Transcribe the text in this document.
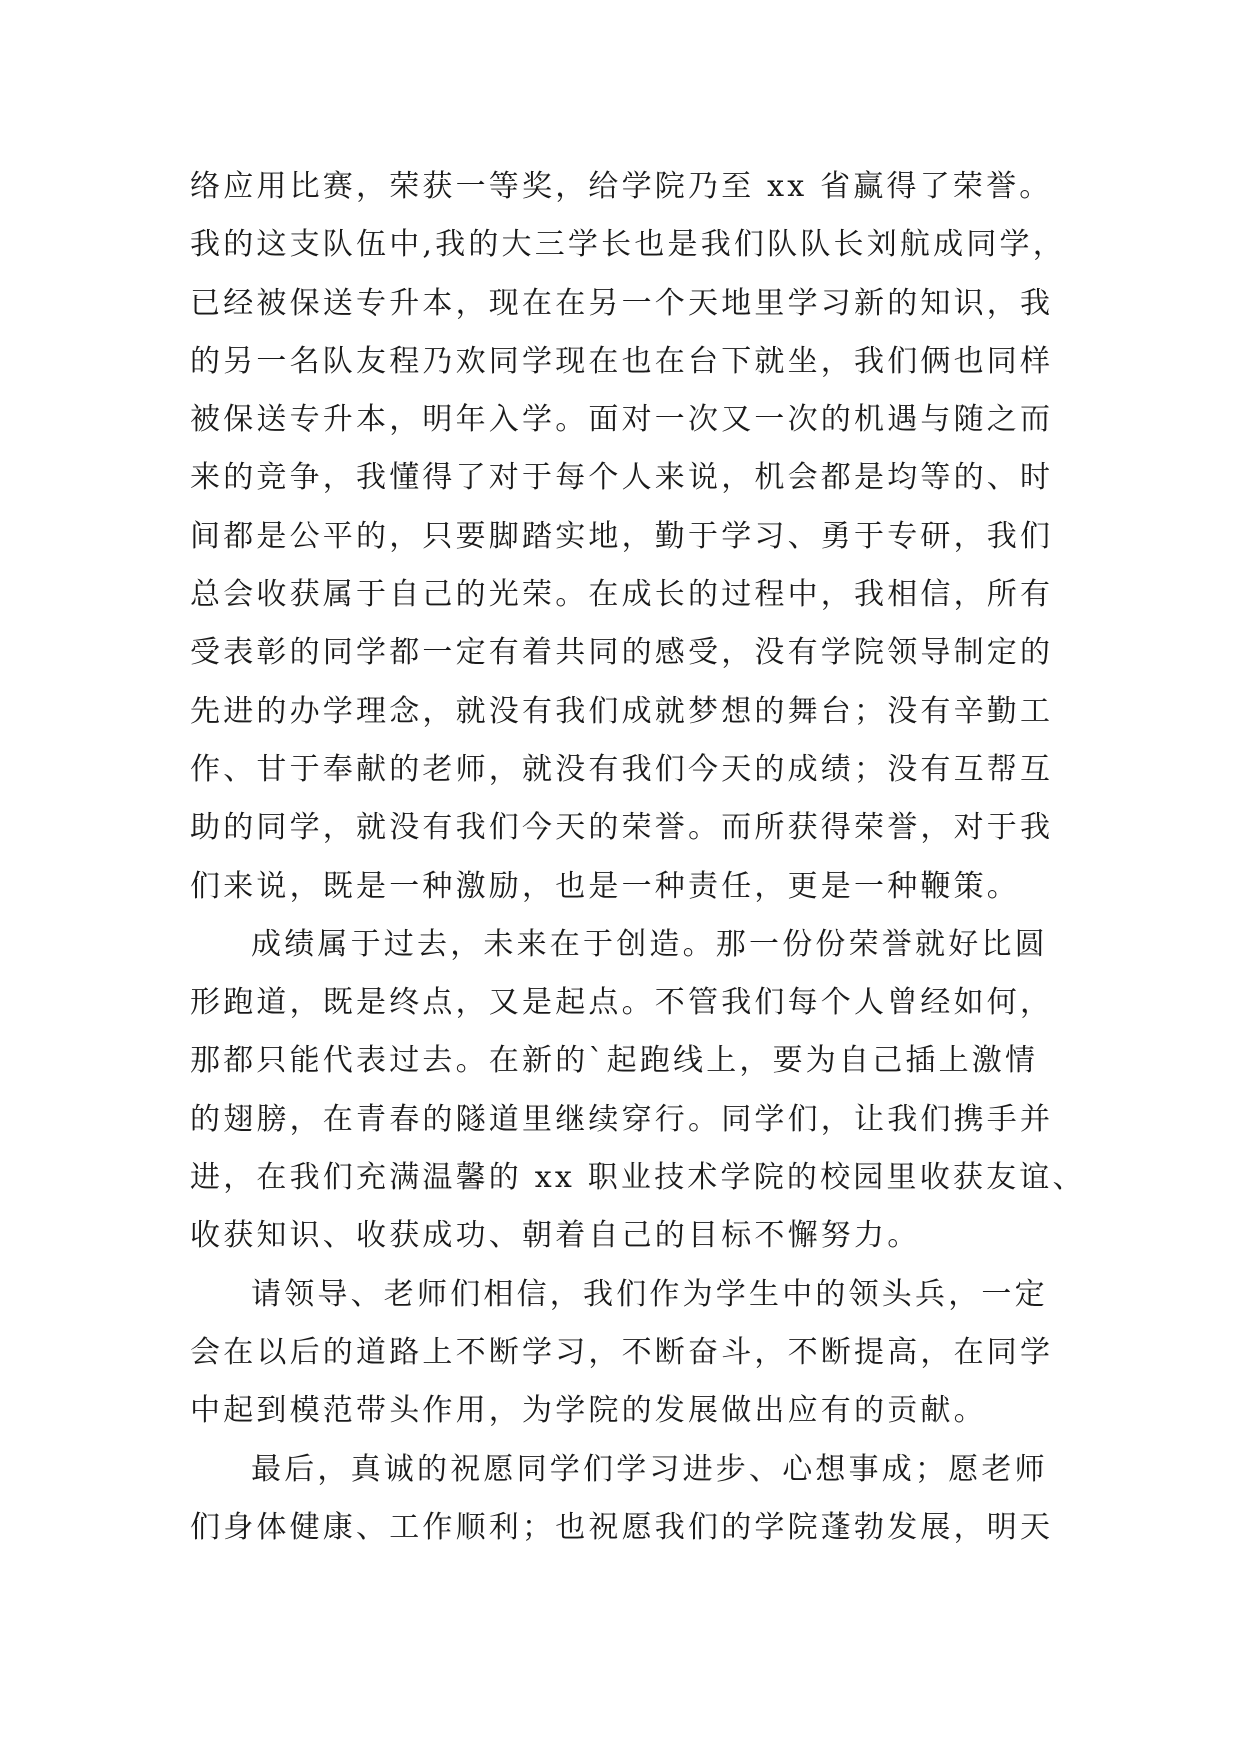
络应用比赛，荣获一等奖，给学院乃至 xx 省赢得了荣誉。
我的这支队伍中,我的大三学长也是我们队队长刘航成同学，
已经被保送专升本，现在在另一个天地里学习新的知识，我
的另一名队友程乃欢同学现在也在台下就坐，我们俩也同样
被保送专升本，明年入学。面对一次又一次的机遇与随之而
来的竞争，我懂得了对于每个人来说，机会都是均等的、时
间都是公平的，只要脚踏实地，勤于学习、勇于专研，我们
总会收获属于自己的光荣。在成长的过程中，我相信，所有
受表彰的同学都一定有着共同的感受，没有学院领导制定的
先进的办学理念，就没有我们成就梦想的舞台；没有辛勤工
作、甘于奉献的老师，就没有我们今天的成绩；没有互帮互
助的同学，就没有我们今天的荣誉。而所获得荣誉，对于我
们来说，既是一种激励，也是一种责任，更是一种鞭策。
成绩属于过去，未来在于创造。那一份份荣誉就好比圆
形跑道，既是终点，又是起点。不管我们每个人曾经如何，
那都只能代表过去。在新的`起跑线上，要为自己插上激情
的翅膀，在青春的隧道里继续穿行。同学们，让我们携手并
进，在我们充满温馨的 xx 职业技术学院的校园里收获友谊、
收获知识、收获成功、朝着自己的目标不懈努力。
请领导、老师们相信，我们作为学生中的领头兵，一定
会在以后的道路上不断学习，不断奋斗，不断提高，在同学
中起到模范带头作用，为学院的发展做出应有的贡献。
最后，真诚的祝愿同学们学习进步、心想事成；愿老师
们身体健康、工作顺利；也祝愿我们的学院蓬勃发展，明天
